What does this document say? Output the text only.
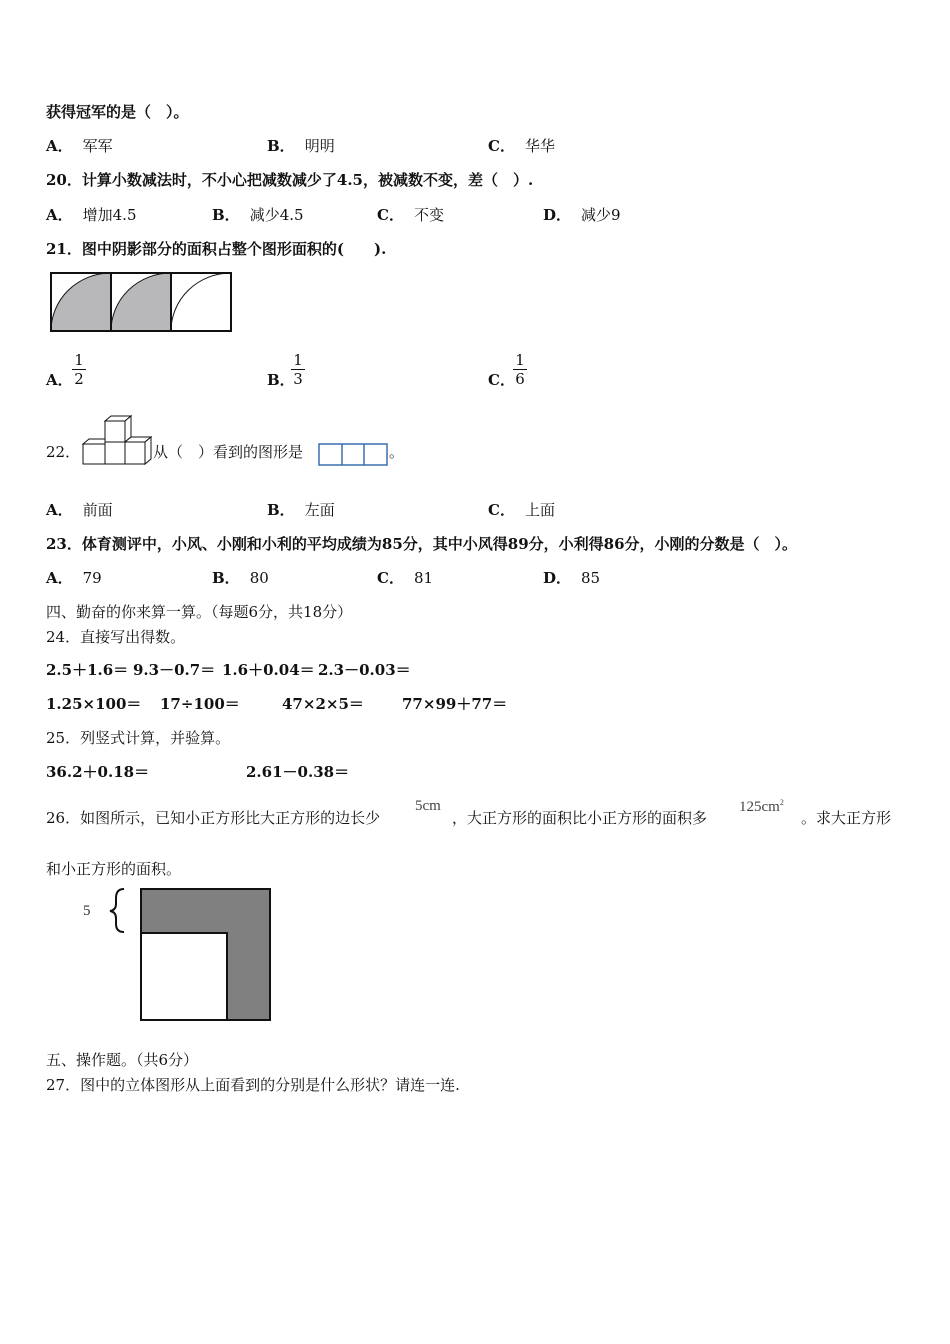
获得冠军的是（　）。
A． 军军	B． 明明	C． 华华
20．计算小数减法时，不小心把减数减少了4.5，被减数不变，差（　）.
A． 增加4.5	B． 减少4.5	C． 不变	D． 减少9
21．图中阴影部分的面积占整个图形面积的(　　).
A．
1
2	B．
1
3	C．
1
6
22．	从（　）看到的图形是	。
A． 前面	B． 左面	C． 上面
23．体育测评中，小风、小刚和小利的平均成绩为85分，其中小风得89分，小利得86分，小刚的分数是（　）。
A． 79	B． 80	C． 81	D． 85
四、勤奋的你来算一算。（每题6分，共18分）
24．直接写出得数。
2.5＋1.6＝ 9.3－0.7＝ 1.6＋0.04＝ 2.3－0.03＝
1.25×100＝ 17÷100＝	47×2×5＝	77×99＋77＝
25．列竖式计算，并验算。
36.2＋0.18＝	2.61－0.38＝
26．如图所示，已知小正方形比大正方形的边长少
5cm
，大正方形的面积比小正方形的面积多
$125cm^2$
。求大正方形
和小正方形的面积。
5
五、操作题。（共6分）
27．图中的立体图形从上面看到的分别是什么形状？请连一连.
